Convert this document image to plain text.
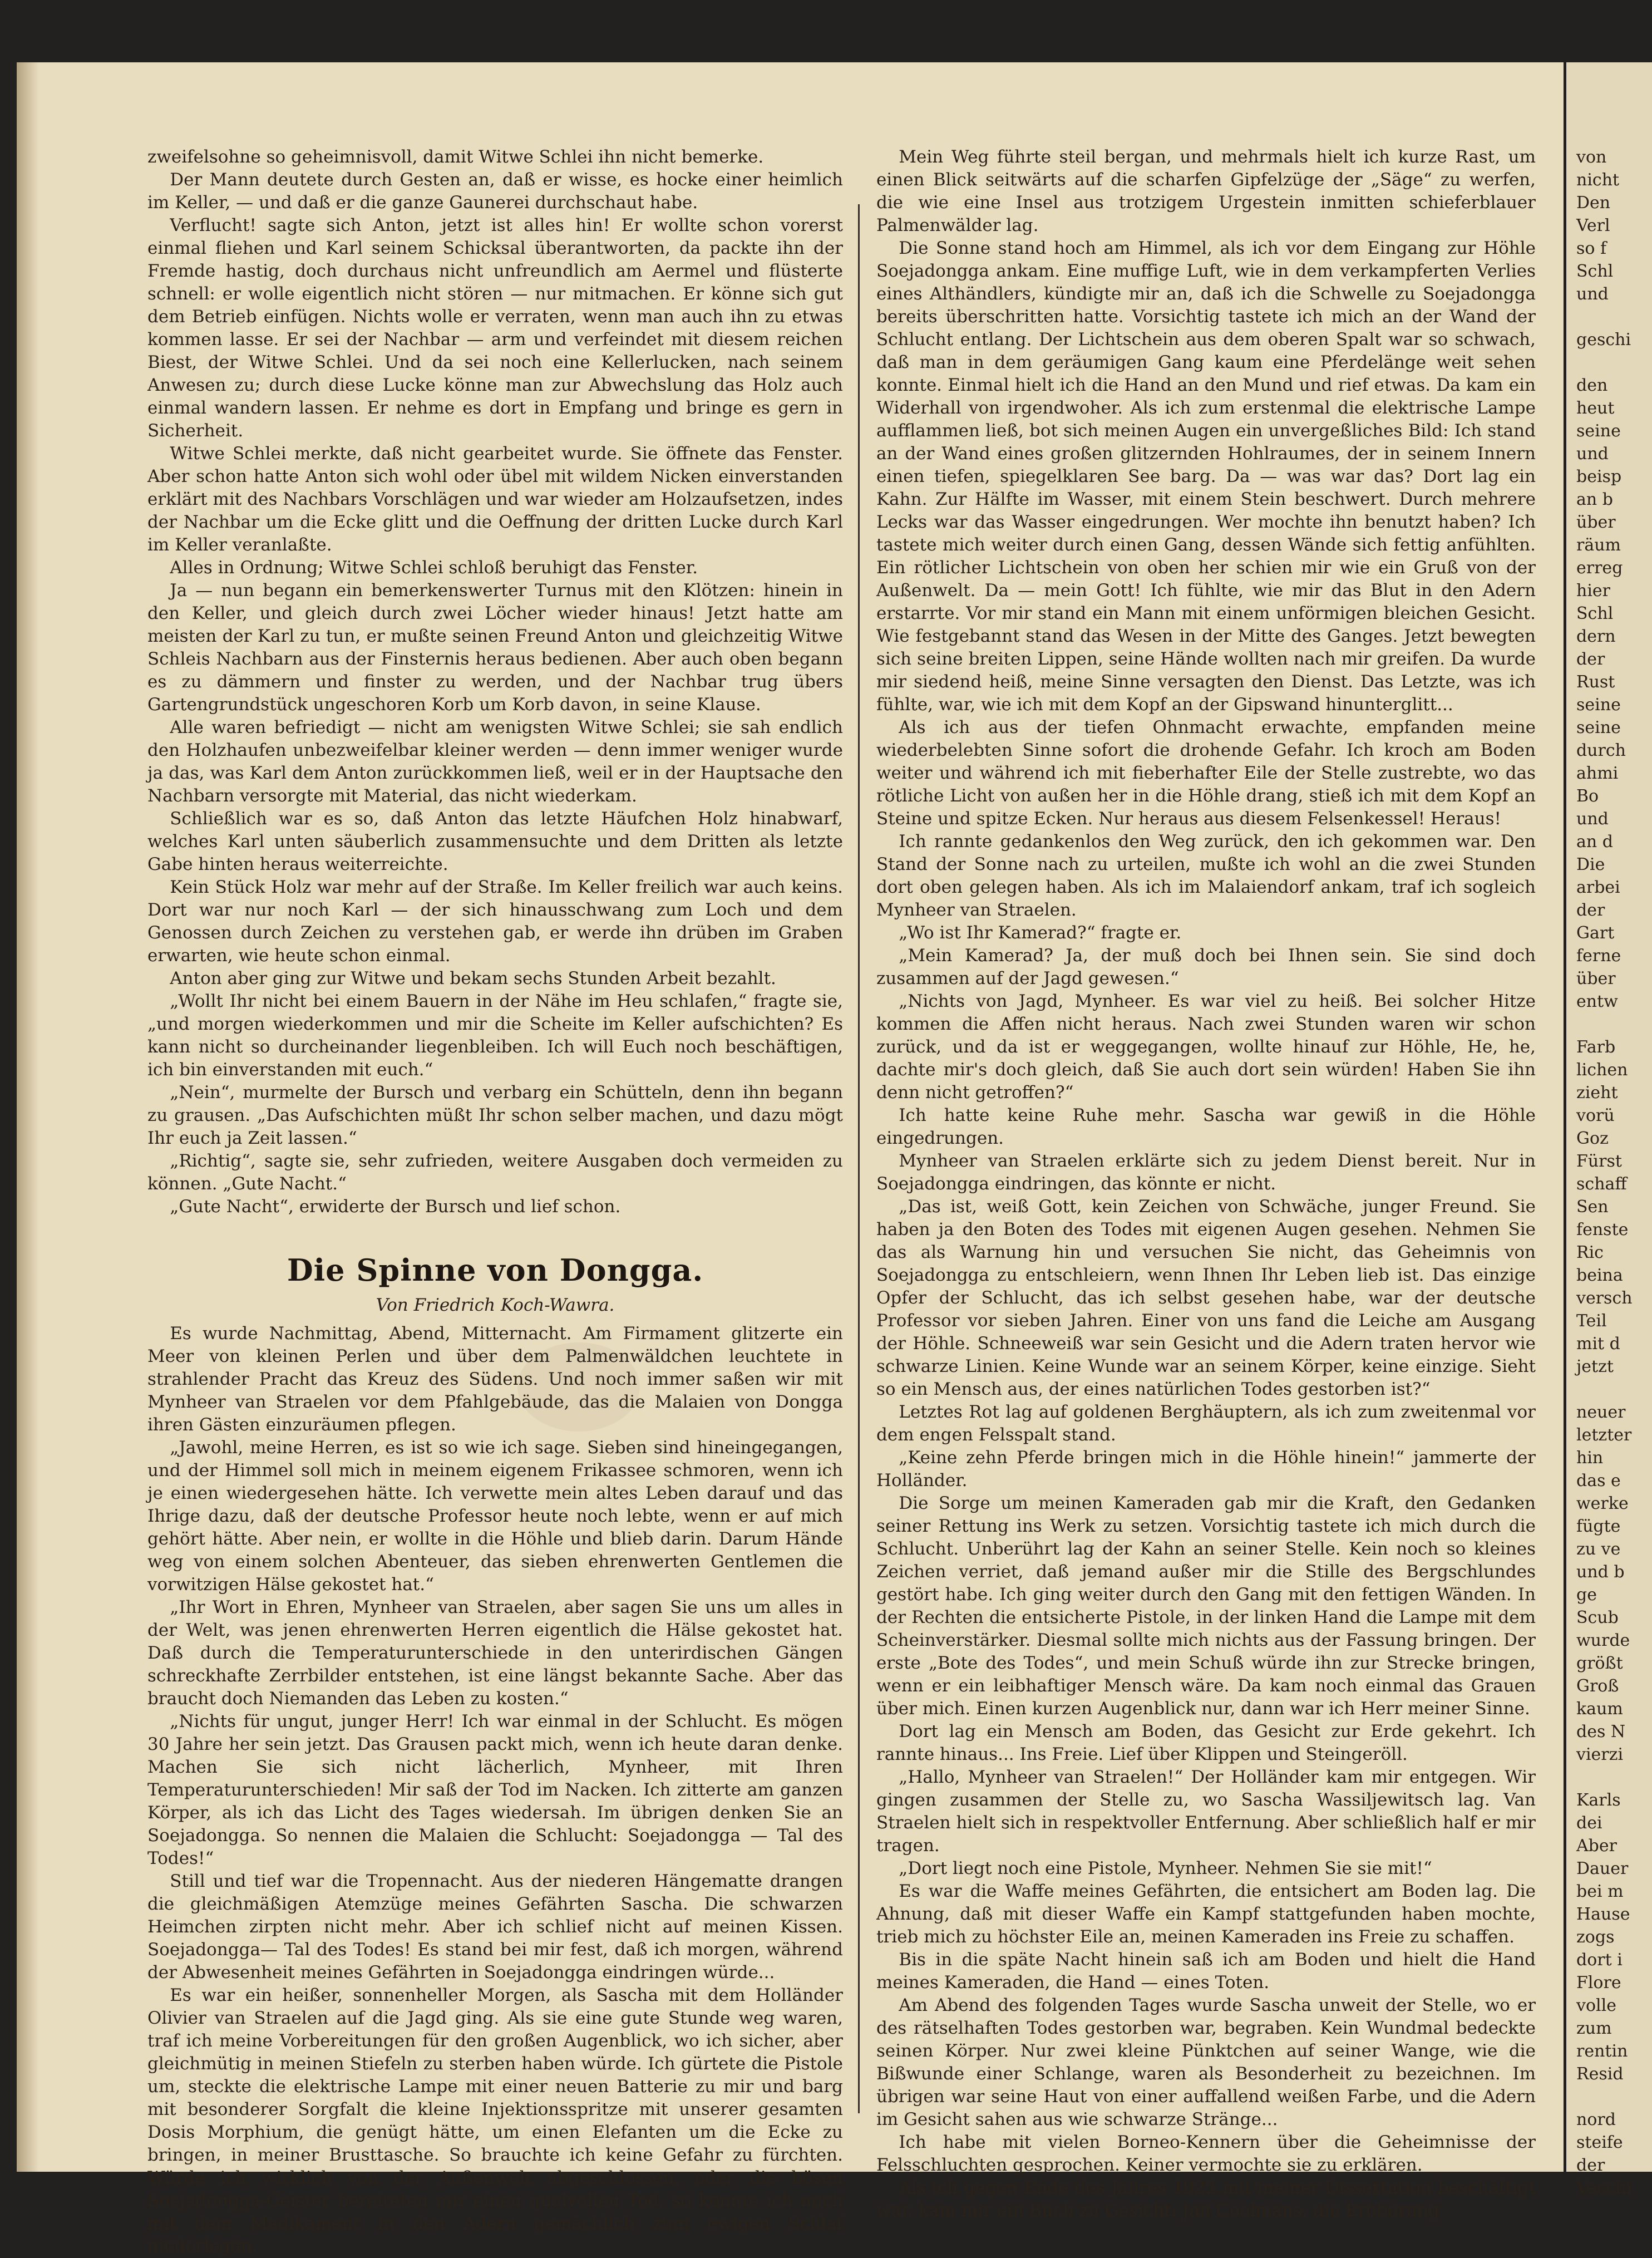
zweifelsohne so geheimnisvoll, damit Witwe Schlei ihn nicht bemerke.

Der Mann deutete durch Gesten an, daß er wisse, es hocke einer heimlich im Keller, — und daß er die ganze Gaunerei durchschaut habe.

Verflucht! sagte sich Anton, jetzt ist alles hin! Er wollte schon vorerst einmal fliehen und Karl seinem Schicksal überantworten, da packte ihn der Fremde hastig, doch durchaus nicht unfreundlich am Aermel und flüsterte schnell: er wolle eigentlich nicht stören — nur mitmachen. Er könne sich gut dem Betrieb einfügen. Nichts wolle er verraten, wenn man auch ihn zu etwas kommen lasse. Er sei der Nachbar — arm und verfeindet mit diesem reichen Biest, der Witwe Schlei. Und da sei noch eine Kellerlucken, nach seinem Anwesen zu; durch diese Lucke könne man zur Abwechslung das Holz auch einmal wandern lassen. Er nehme es dort in Empfang und bringe es gern in Sicherheit.

Witwe Schlei merkte, daß nicht gearbeitet wurde. Sie öffnete das Fenster. Aber schon hatte Anton sich wohl oder übel mit wildem Nicken einverstanden erklärt mit des Nachbars Vorschlägen und war wieder am Holzaufsetzen, indes der Nachbar um die Ecke glitt und die Oeffnung der dritten Lucke durch Karl im Keller veranlaßte.

Alles in Ordnung; Witwe Schlei schloß beruhigt das Fenster.

Ja — nun begann ein bemerkenswerter Turnus mit den Klötzen: hinein in den Keller, und gleich durch zwei Löcher wieder hinaus! Jetzt hatte am meisten der Karl zu tun, er mußte seinen Freund Anton und gleichzeitig Witwe Schleis Nachbarn aus der Finsternis heraus bedienen. Aber auch oben begann es zu dämmern und finster zu werden, und der Nachbar trug übers Gartengrundstück ungeschoren Korb um Korb davon, in seine Klause.

Alle waren befriedigt — nicht am wenigsten Witwe Schlei; sie sah endlich den Holzhaufen unbezweifelbar kleiner werden — denn immer weniger wurde ja das, was Karl dem Anton zurückkommen ließ, weil er in der Hauptsache den Nachbarn versorgte mit Material, das nicht wiederkam.

Schließlich war es so, daß Anton das letzte Häufchen Holz hinabwarf, welches Karl unten säuberlich zusammensuchte und dem Dritten als letzte Gabe hinten heraus weiterreichte.

Kein Stück Holz war mehr auf der Straße. Im Keller freilich war auch keins. Dort war nur noch Karl — der sich hinausschwang zum Loch und dem Genossen durch Zeichen zu verstehen gab, er werde ihn drüben im Graben erwarten, wie heute schon einmal.

Anton aber ging zur Witwe und bekam sechs Stunden Arbeit bezahlt.

„Wollt Ihr nicht bei einem Bauern in der Nähe im Heu schlafen,“ fragte sie, „und morgen wiederkommen und mir die Scheite im Keller aufschichten? Es kann nicht so durcheinander liegenbleiben. Ich will Euch noch beschäftigen, ich bin einverstanden mit euch.“

„Nein“, murmelte der Bursch und verbarg ein Schütteln, denn ihn begann zu grausen. „Das Aufschichten müßt Ihr schon selber machen, und dazu mögt Ihr euch ja Zeit lassen.“

„Richtig“, sagte sie, sehr zufrieden, weitere Ausgaben doch vermeiden zu können. „Gute Nacht.“

„Gute Nacht“, erwiderte der Bursch und lief schon.

Die Spinne von Dongga.
Von Friedrich Koch-Wawra.

Es wurde Nachmittag, Abend, Mitternacht. Am Firmament glitzerte ein Meer von kleinen Perlen und über dem Palmenwäldchen leuchtete in strahlender Pracht das Kreuz des Südens. Und noch immer saßen wir mit Mynheer van Straelen vor dem Pfahlgebäude, das die Malaien von Dongga ihren Gästen einzuräumen pflegen.

„Jawohl, meine Herren, es ist so wie ich sage. Sieben sind hineingegangen, und der Himmel soll mich in meinem eigenem Frikassee schmoren, wenn ich je einen wiedergesehen hätte. Ich verwette mein altes Leben darauf und das Ihrige dazu, daß der deutsche Professor heute noch lebte, wenn er auf mich gehört hätte. Aber nein, er wollte in die Höhle und blieb darin. Darum Hände weg von einem solchen Abenteuer, das sieben ehrenwerten Gentlemen die vorwitzigen Hälse gekostet hat.“

„Ihr Wort in Ehren, Mynheer van Straelen, aber sagen Sie uns um alles in der Welt, was jenen ehrenwerten Herren eigentlich die Hälse gekostet hat. Daß durch die Temperaturunterschiede in den unterirdischen Gängen schreckhafte Zerrbilder entstehen, ist eine längst bekannte Sache. Aber das braucht doch Niemanden das Leben zu kosten.“

„Nichts für ungut, junger Herr! Ich war einmal in der Schlucht. Es mögen 30 Jahre her sein jetzt. Das Grausen packt mich, wenn ich heute daran denke. Machen Sie sich nicht lächerlich, Mynheer, mit Ihren Temperaturunterschieden! Mir saß der Tod im Nacken. Ich zitterte am ganzen Körper, als ich das Licht des Tages wiedersah. Im übrigen denken Sie an Soejadongga. So nennen die Malaien die Schlucht: Soejadongga — Tal des Todes!“

Still und tief war die Tropennacht. Aus der niederen Hängematte drangen die gleichmäßigen Atemzüge meines Gefährten Sascha. Die schwarzen Heimchen zirpten nicht mehr. Aber ich schlief nicht auf meinen Kissen. Soejadongga— Tal des Todes! Es stand bei mir fest, daß ich morgen, während der Abwesenheit meines Gefährten in Soejadongga eindringen würde...

Es war ein heißer, sonnenheller Morgen, als Sascha mit dem Holländer Olivier van Straelen auf die Jagd ging. Als sie eine gute Stunde weg waren, traf ich meine Vorbereitungen für den großen Augenblick, wo ich sicher, aber gleichmütig in meinen Stiefeln zu sterben haben würde. Ich gürtete die Pistole um, steckte die elektrische Lampe mit einer neuen Batterie zu mir und barg mit besonderer Sorgfalt die kleine Injektionsspritze mit unserer gesamten Dosis Morphium, die genügt hätte, um einen Elefanten um die Ecke zu bringen, in meiner Brusttasche. So brauchte ich keine Gefahr zu fürchten. Würde ich wirklich von der Außenwelt abgeschlossen, oder die bösen Soejadongga-Geister bereiteten mir einen qualvollen Tod, so konnte ich mich mit dem Medikament in den Adern gemächlich zum ewigen Schlaf niederlegen.

Mein Weg führte steil bergan, und mehrmals hielt ich kurze Rast, um einen Blick seitwärts auf die scharfen Gipfelzüge der „Säge“ zu werfen, die wie eine Insel aus trotzigem Urgestein inmitten schieferblauer Palmenwälder lag.

Die Sonne stand hoch am Himmel, als ich vor dem Eingang zur Höhle Soejadongga ankam. Eine muffige Luft, wie in dem verkampferten Verlies eines Althändlers, kündigte mir an, daß ich die Schwelle zu Soejadongga bereits überschritten hatte. Vorsichtig tastete ich mich an der Wand der Schlucht entlang. Der Lichtschein aus dem oberen Spalt war so schwach, daß man in dem geräumigen Gang kaum eine Pferdelänge weit sehen konnte. Einmal hielt ich die Hand an den Mund und rief etwas. Da kam ein Widerhall von irgendwoher. Als ich zum erstenmal die elektrische Lampe aufflammen ließ, bot sich meinen Augen ein unvergeßliches Bild: Ich stand an der Wand eines großen glitzernden Hohlraumes, der in seinem Innern einen tiefen, spiegelklaren See barg. Da — was war das? Dort lag ein Kahn. Zur Hälfte im Wasser, mit einem Stein beschwert. Durch mehrere Lecks war das Wasser eingedrungen. Wer mochte ihn benutzt haben? Ich tastete mich weiter durch einen Gang, dessen Wände sich fettig anfühlten. Ein rötlicher Lichtschein von oben her schien mir wie ein Gruß von der Außenwelt. Da — mein Gott! Ich fühlte, wie mir das Blut in den Adern erstarrte. Vor mir stand ein Mann mit einem unförmigen bleichen Gesicht. Wie festgebannt stand das Wesen in der Mitte des Ganges. Jetzt bewegten sich seine breiten Lippen, seine Hände wollten nach mir greifen. Da wurde mir siedend heiß, meine Sinne versagten den Dienst. Das Letzte, was ich fühlte, war, wie ich mit dem Kopf an der Gipswand hinunterglitt...

Als ich aus der tiefen Ohnmacht erwachte, empfanden meine wiederbelebten Sinne sofort die drohende Gefahr. Ich kroch am Boden weiter und während ich mit fieberhafter Eile der Stelle zustrebte, wo das rötliche Licht von außen her in die Höhle drang, stieß ich mit dem Kopf an Steine und spitze Ecken. Nur heraus aus diesem Felsenkessel! Heraus!

Ich rannte gedankenlos den Weg zurück, den ich gekommen war. Den Stand der Sonne nach zu urteilen, mußte ich wohl an die zwei Stunden dort oben gelegen haben. Als ich im Malaiendorf ankam, traf ich sogleich Mynheer van Straelen.

„Wo ist Ihr Kamerad?“ fragte er.

„Mein Kamerad? Ja, der muß doch bei Ihnen sein. Sie sind doch zusammen auf der Jagd gewesen.“

„Nichts von Jagd, Mynheer. Es war viel zu heiß. Bei solcher Hitze kommen die Affen nicht heraus. Nach zwei Stunden waren wir schon zurück, und da ist er weggegangen, wollte hinauf zur Höhle, He, he, dachte mir's doch gleich, daß Sie auch dort sein würden! Haben Sie ihn denn nicht getroffen?“

Ich hatte keine Ruhe mehr. Sascha war gewiß in die Höhle eingedrungen.

Mynheer van Straelen erklärte sich zu jedem Dienst bereit. Nur in Soejadongga eindringen, das könnte er nicht.

„Das ist, weiß Gott, kein Zeichen von Schwäche, junger Freund. Sie haben ja den Boten des Todes mit eigenen Augen gesehen. Nehmen Sie das als Warnung hin und versuchen Sie nicht, das Geheimnis von Soejadongga zu entschleiern, wenn Ihnen Ihr Leben lieb ist. Das einzige Opfer der Schlucht, das ich selbst gesehen habe, war der deutsche Professor vor sieben Jahren. Einer von uns fand die Leiche am Ausgang der Höhle. Schneeweiß war sein Gesicht und die Adern traten hervor wie schwarze Linien. Keine Wunde war an seinem Körper, keine einzige. Sieht so ein Mensch aus, der eines natürlichen Todes gestorben ist?“

Letztes Rot lag auf goldenen Berghäuptern, als ich zum zweitenmal vor dem engen Felsspalt stand.

„Keine zehn Pferde bringen mich in die Höhle hinein!“ jammerte der Holländer.

Die Sorge um meinen Kameraden gab mir die Kraft, den Gedanken seiner Rettung ins Werk zu setzen. Vorsichtig tastete ich mich durch die Schlucht. Unberührt lag der Kahn an seiner Stelle. Kein noch so kleines Zeichen verriet, daß jemand außer mir die Stille des Bergschlundes gestört habe. Ich ging weiter durch den Gang mit den fettigen Wänden. In der Rechten die entsicherte Pistole, in der linken Hand die Lampe mit dem Scheinverstärker. Diesmal sollte mich nichts aus der Fassung bringen. Der erste „Bote des Todes“, und mein Schuß würde ihn zur Strecke bringen, wenn er ein leibhaftiger Mensch wäre. Da kam noch einmal das Grauen über mich. Einen kurzen Augenblick nur, dann war ich Herr meiner Sinne.

Dort lag ein Mensch am Boden, das Gesicht zur Erde gekehrt. Ich rannte hinaus... Ins Freie. Lief über Klippen und Steingeröll.

„Hallo, Mynheer van Straelen!“ Der Holländer kam mir entgegen. Wir gingen zusammen der Stelle zu, wo Sascha Wassiljewitsch lag. Van Straelen hielt sich in respektvoller Entfernung. Aber schließlich half er mir tragen.

„Dort liegt noch eine Pistole, Mynheer. Nehmen Sie sie mit!“

Es war die Waffe meines Gefährten, die entsichert am Boden lag. Die Ahnung, daß mit dieser Waffe ein Kampf stattgefunden haben mochte, trieb mich zu höchster Eile an, meinen Kameraden ins Freie zu schaffen.

Bis in die späte Nacht hinein saß ich am Boden und hielt die Hand meines Kameraden, die Hand — eines Toten.

Am Abend des folgenden Tages wurde Sascha unweit der Stelle, wo er des rätselhaften Todes gestorben war, begraben. Kein Wundmal bedeckte seinen Körper. Nur zwei kleine Pünktchen auf seiner Wange, wie die Bißwunde einer Schlange, waren als Besonderheit zu bezeichnen. Im übrigen war seine Haut von einer auffallend weißen Farbe, und die Adern im Gesicht sahen aus wie schwarze Stränge...

Ich habe mit vielen Borneo-Kennern über die Geheimnisse der Felsschluchten gesprochen. Keiner vermochte sie zu erklären.

Als ich gegen Ende des Jahres 1922 mit meiner Dissertation beschäftigt war, kam mir ein Buch zu Gesicht: Jan Coolmans, die Eroberung

von
nicht
Den
Verl
so f
Schl
und
geschi
den
heut
seine
und
beisp
an b
über
räum
erreg
hier
Schl
dern
der
Rust
seine
seine
durch
ahmi
Bo
und
an d
Die
arbei
der
Gart
ferne
über
entw
Farb
lichen
zieht
vorü
Goz
Fürst
schaff
Sen
fenste
Ric
beina
versch
Teil
mit d
jetzt
neuer
letzter
hin
das e
werke
fügte
zu ve
und b
ge
Scub
wurde
größt
Groß
kaum
des N
vierzi
Karls
dei
Aber
Dauer
bei m
Hause
zogs
dort i
Flore
volle
zum
rentin
Resid
nord
steife
der
Vecchi
